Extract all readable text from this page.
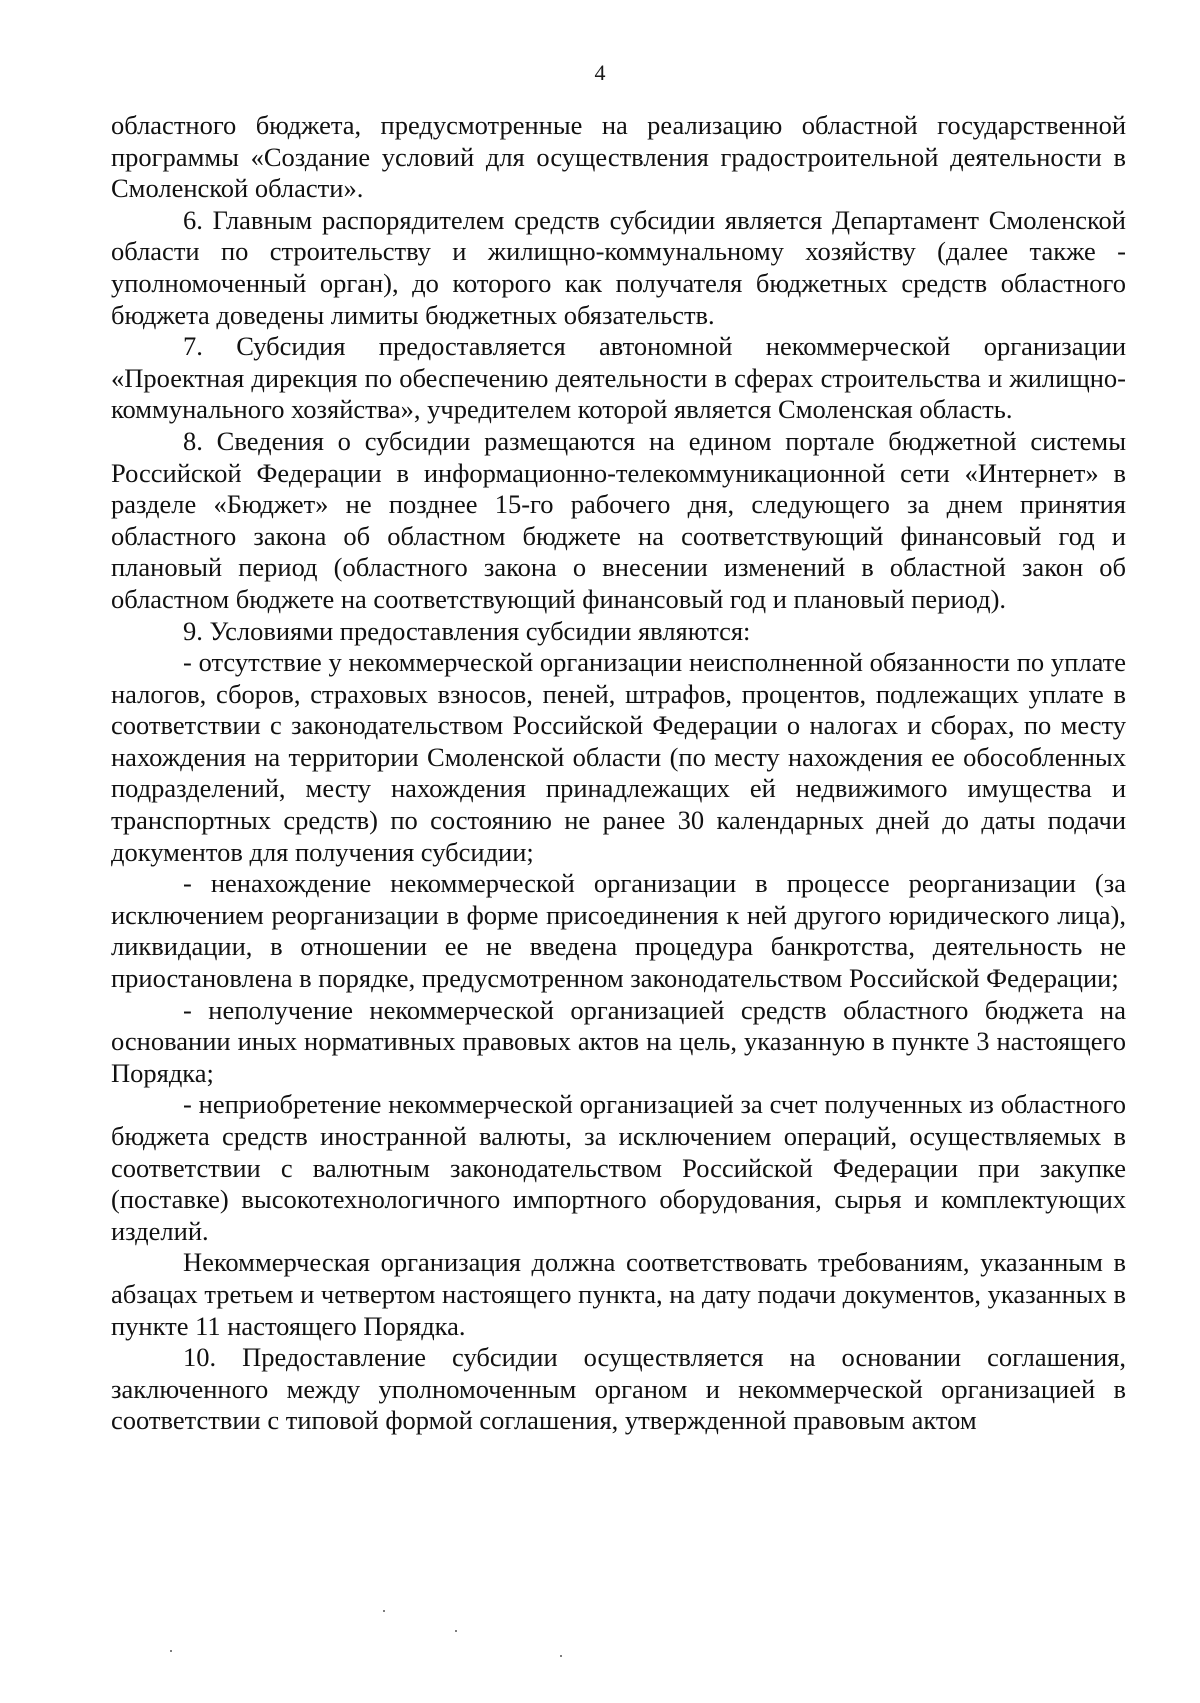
4

областного бюджета, предусмотренные на реализацию областной государственной программы «Создание условий для осуществления градостроительной деятельности в Смоленской области».

6. Главным распорядителем средств субсидии является Департамент Смоленской области по строительству и жилищно-коммунальному хозяйству (далее также - уполномоченный орган), до которого как получателя бюджетных средств областного бюджета доведены лимиты бюджетных обязательств.

7. Субсидия предоставляется автономной некоммерческой организации «Проектная дирекция по обеспечению деятельности в сферах строительства и жилищно-коммунального хозяйства», учредителем которой является Смоленская область.

8. Сведения о субсидии размещаются на едином портале бюджетной системы Российской Федерации в информационно-телекоммуникационной сети «Интернет» в разделе «Бюджет» не позднее 15-го рабочего дня, следующего за днем принятия областного закона об областном бюджете на соответствующий финансовый год и плановый период (областного закона о внесении изменений в областной закон об областном бюджете на соответствующий финансовый год и плановый период).

9. Условиями предоставления субсидии являются:

- отсутствие у некоммерческой организации неисполненной обязанности по уплате налогов, сборов, страховых взносов, пеней, штрафов, процентов, подлежащих уплате в соответствии с законодательством Российской Федерации о налогах и сборах, по месту нахождения на территории Смоленской области (по месту нахождения ее обособленных подразделений, месту нахождения принадлежащих ей недвижимого имущества и транспортных средств) по состоянию не ранее 30 календарных дней до даты подачи документов для получения субсидии;

- ненахождение некоммерческой организации в процессе реорганизации (за исключением реорганизации в форме присоединения к ней другого юридического лица), ликвидации, в отношении ее не введена процедура банкротства, деятельность не приостановлена в порядке, предусмотренном законодательством Российской Федерации;

- неполучение некоммерческой организацией средств областного бюджета на основании иных нормативных правовых актов на цель, указанную в пункте 3 настоящего Порядка;

- неприобретение некоммерческой организацией за счет полученных из областного бюджета средств иностранной валюты, за исключением операций, осуществляемых в соответствии с валютным законодательством Российской Федерации при закупке (поставке) высокотехнологичного импортного оборудования, сырья и комплектующих изделий.

Некоммерческая организация должна соответствовать требованиям, указанным в абзацах третьем и четвертом настоящего пункта, на дату подачи документов, указанных в пункте 11 настоящего Порядка.

10. Предоставление субсидии осуществляется на основании соглашения, заключенного между уполномоченным органом и некоммерческой организацией в соответствии с типовой формой соглашения, утвержденной правовым актом
